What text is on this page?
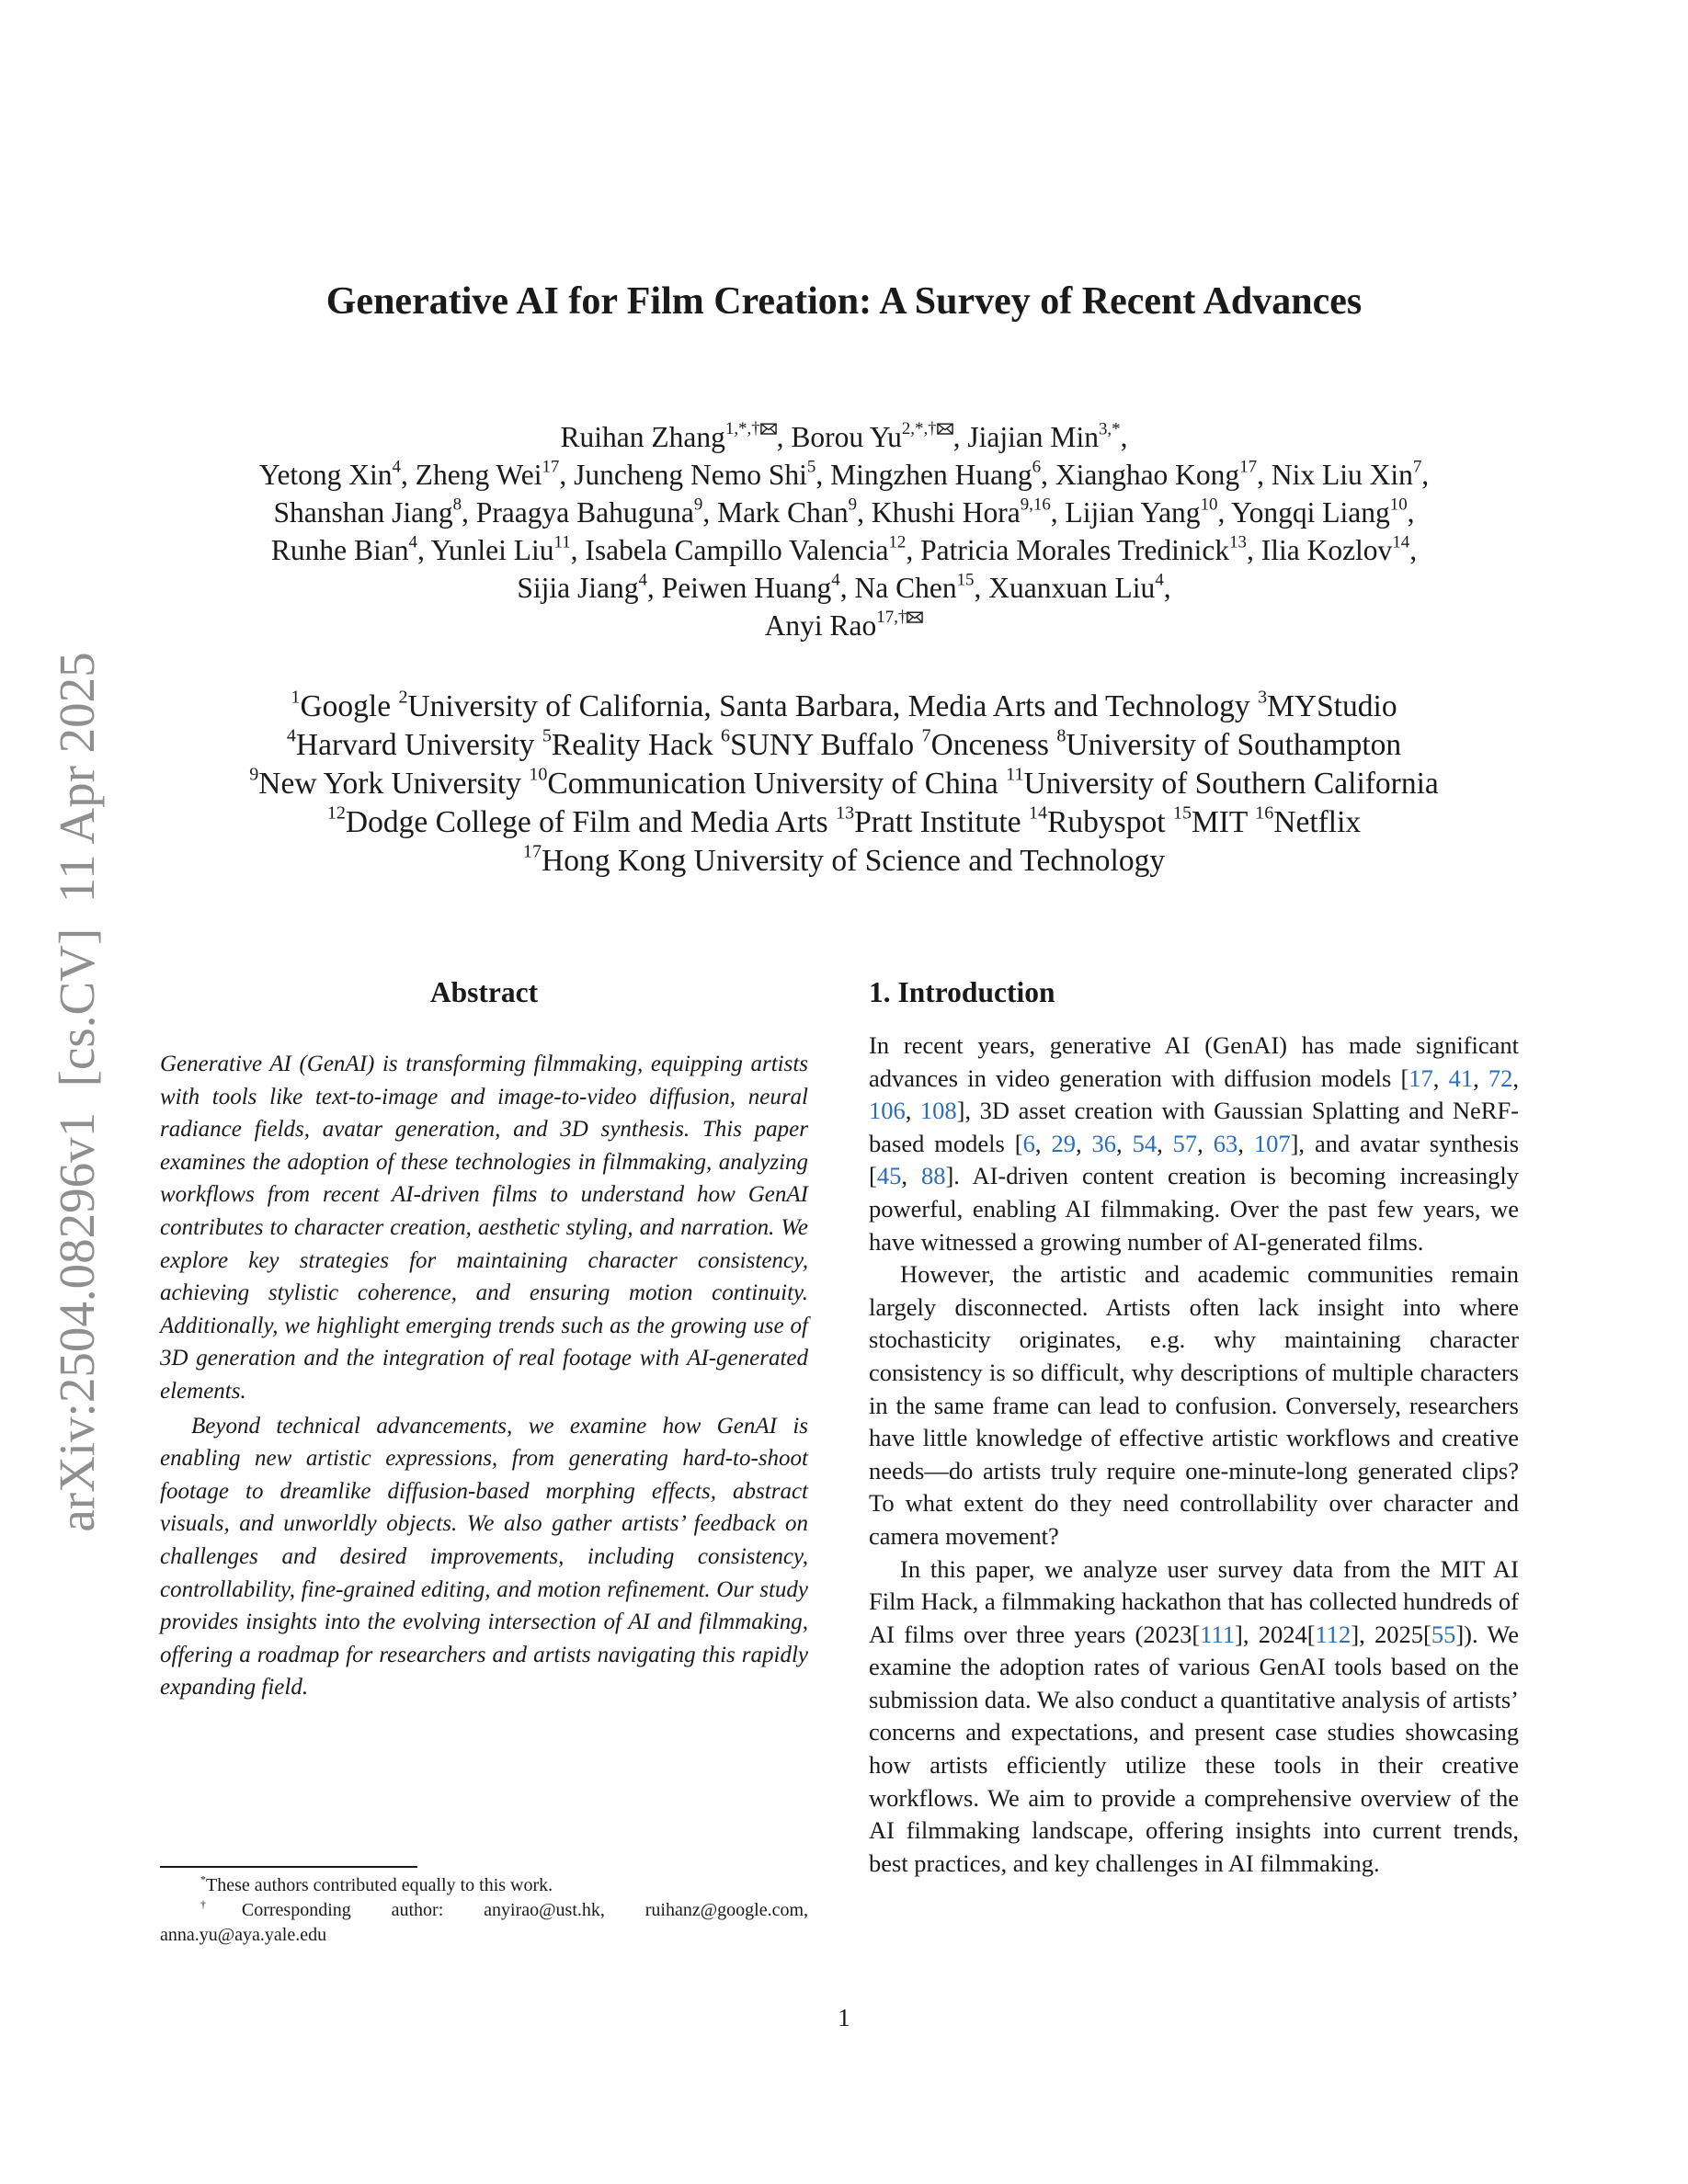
arXiv:2504.08296v1  [cs.CV]  11 Apr 2025
Generative AI for Film Creation: A Survey of Recent Advances
Ruihan Zhang$^{1,*,\dagger}$ , Borou $Yu^{2,*,\dagger}$ , Jiajian Min$^{3,*}$,
Yetong Xin$^4$, Zheng Wei$^{17}$, Juncheng Nemo Shi$^5$, Mingzhen Huang$^6$, Xianghao Kong$^{17}$, Nix Liu Xin$^7$,
Shanshan Jiang$^8$, Praagya Bahuguna$^9$, Mark Chan$^9$, Khushi Hora$^{9,16}$, Lijian Yang$^{10}$, Yongqi Liang$^{10}$,
Runhe Bian$^4$, Yunlei Liu$^{11}$, Isabela Campillo Valencia$^{12}$, Patricia Morales Tredinick$^{13}$, Ilia Kozlov$^{14}$,
Sijia Jiang$^4$, Peiwen Huang$^4$, Na Chen$^{15}$, Xuanxuan Liu$^4$,
Anyi Rao$^{17,\dagger}$
$^1$Google $^2$University of California, Santa Barbara, Media Arts and Technology $^3$MYStudio
$^4$Harvard University $^5$Reality Hack $^6$SUNY Buffalo $^7$Onceness $^8$University of Southampton
$^9$New York University $^{10}$Communication University of China $^{11}$University of Southern California
$^{12}$Dodge College of Film and Media Arts $^{13}$Pratt Institute $^{14}$Rubyspot $^{15}$MIT $^{16}$Netflix
$^{17}$Hong Kong University of Science and Technology
Abstract

Generative AI (GenAI) is transforming filmmaking, equipping artists with tools like text-to-image and image-to-video diffusion, neural radiance fields, avatar generation, and 3D synthesis. This paper examines the adoption of these technologies in filmmaking, analyzing workflows from recent AI-driven films to understand how GenAI contributes to character creation, aesthetic styling, and narration. We explore key strategies for maintaining character consistency, achieving stylistic coherence, and ensuring motion continuity. Additionally, we highlight emerging trends such as the growing use of 3D generation and the integration of real footage with AI-generated elements.

Beyond technical advancements, we examine how GenAI is enabling new artistic expressions, from generating hard-to-shoot footage to dreamlike diffusion-based morphing effects, abstract visuals, and unworldly objects. We also gather artists’ feedback on challenges and desired improvements, including consistency, controllability, fine-grained editing, and motion refinement. Our study provides insights into the evolving intersection of AI and filmmaking, offering a roadmap for researchers and artists navigating this rapidly expanding field.

1. Introduction

In recent years, generative AI (GenAI) has made significant advances in video generation with diffusion models [17, 41, 72, 106, 108], 3D asset creation with Gaussian Splatting and NeRF-based models [6, 29, 36, 54, 57, 63, 107], and avatar synthesis [45, 88]. AI-driven content creation is becoming increasingly powerful, enabling AI filmmaking. Over the past few years, we have witnessed a growing number of AI-generated films.

However, the artistic and academic communities remain largely disconnected. Artists often lack insight into where stochasticity originates, e.g. why maintaining character consistency is so difficult, why descriptions of multiple characters in the same frame can lead to confusion. Conversely, researchers have little knowledge of effective artistic workflows and creative needs—do artists truly require one-minute-long generated clips? To what extent do they need controllability over character and camera movement?

In this paper, we analyze user survey data from the MIT AI Film Hack, a filmmaking hackathon that has collected hundreds of AI films over three years (2023[111], 2024[112], 2025[55]). We examine the adoption rates of various GenAI tools based on the submission data. We also conduct a quantitative analysis of artists’ concerns and expectations, and present case studies showcasing how artists efficiently utilize these tools in their creative workflows. We aim to provide a comprehensive overview of the AI filmmaking landscape, offering insights into current trends, best practices, and key challenges in AI filmmaking.

*These authors contributed equally to this work.

†Corresponding author: anyirao@ust.hk, ruihanz@google.com, anna.yu@aya.yale.edu

1
